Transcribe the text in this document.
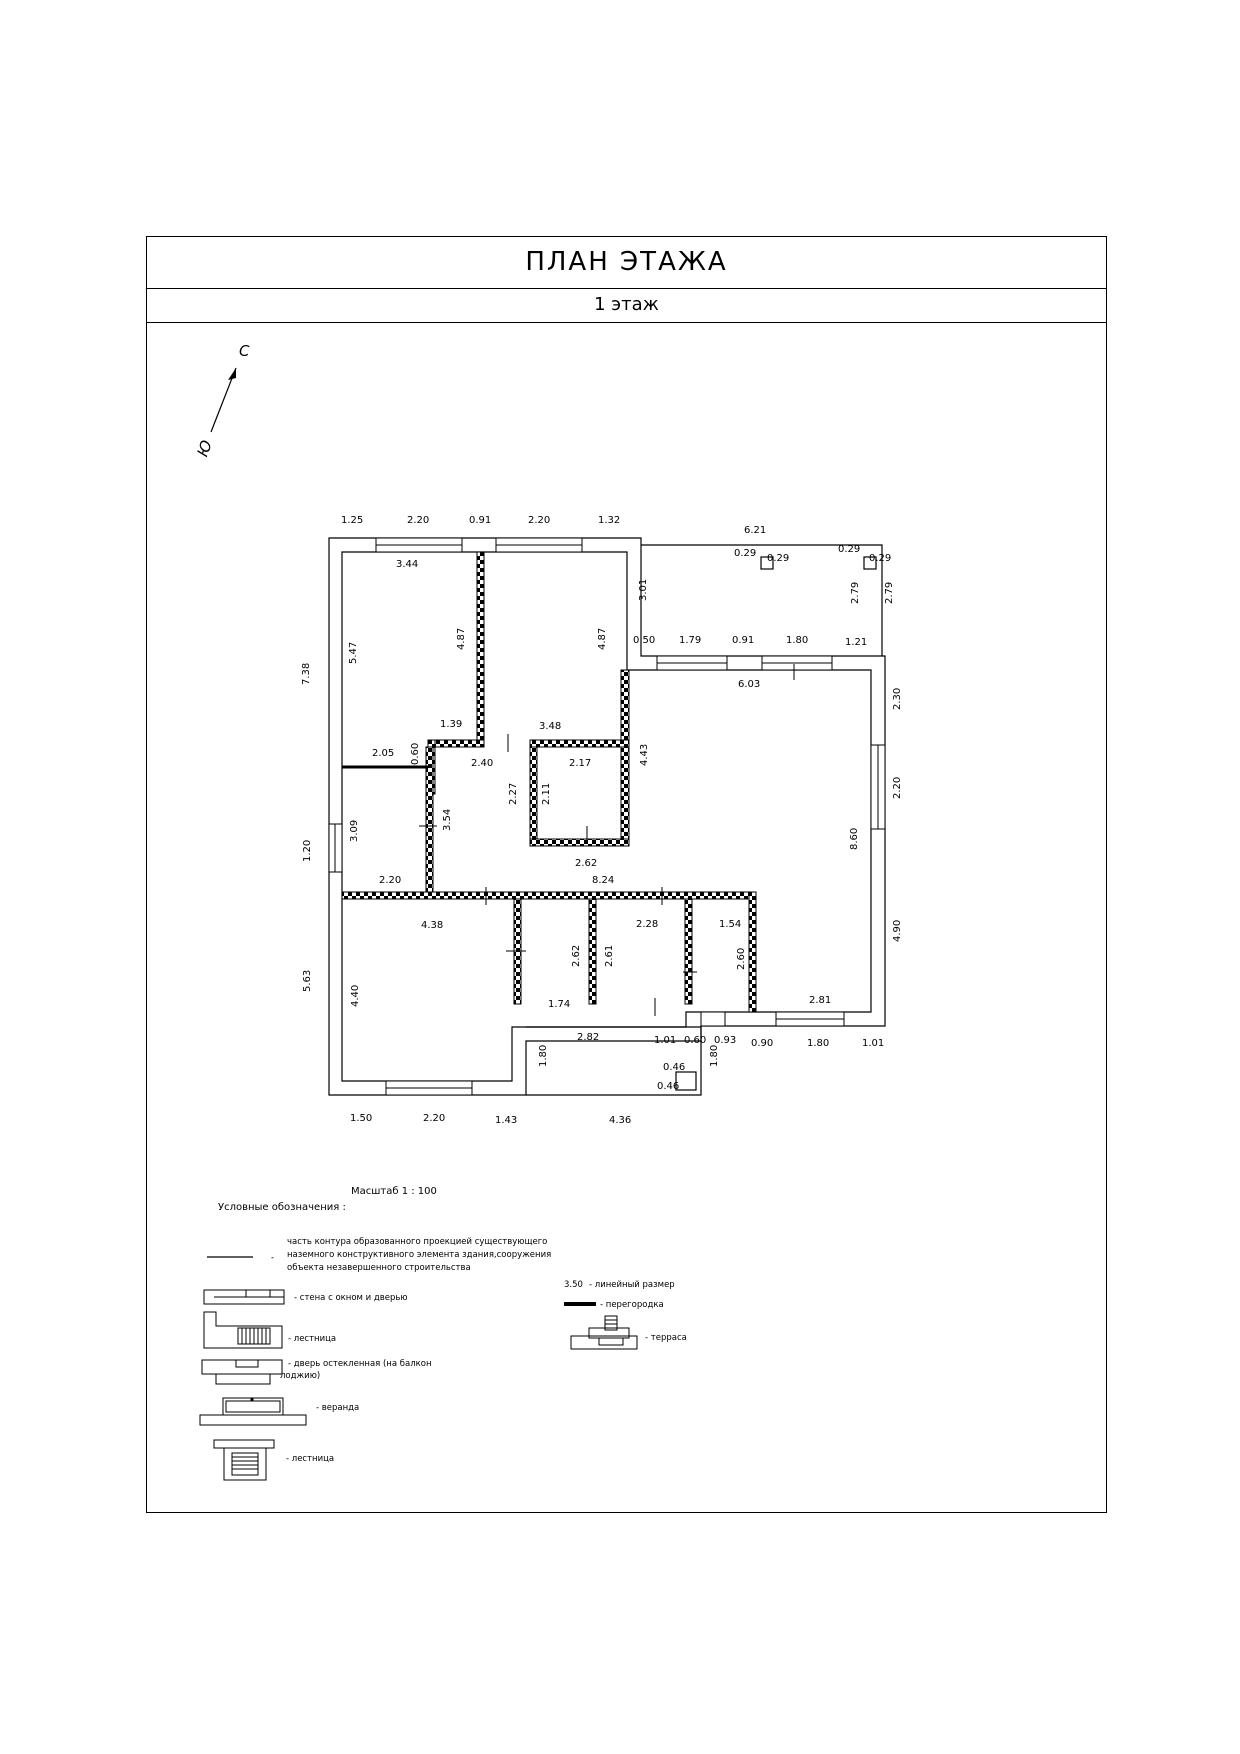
ПЛАН ЭТАЖА
1 этаж
С
Ю
1.25	2.20	0.91	2.20	1.32
6.21
0.29 0.29
0.29
0.29
3.44
3.01	2.79 2.79
7.38
5.47
4.87	4.87	0.50 1.79	0.91	1.80	1.21
6.03
2.30
1.39	3.48
4.43
2.05 0.60	2.40	2.17
2.27 2.11	2.20
3.09	3.54
1.20
8.60
2.62
2.20	8.24
4.38	2.28	1.54	4.90
5.63
4.40
2.62 2.61	2.60
1.74	2.81
2.82	1.01 0.60 0.93 0.90	1.80	1.01
1.80	1.80
0.46
0.46
1.50	2.20	1.43	4.36
Масштаб 1 : 100
Условные обозначения :
-
часть контура образованного проекцией существующего
наземного конструктивного элемента здания,сооружения
объекта незавершенного строительства
- стена с окном и дверью
- лестница
- дверь остекленная (на балкон
лоджию)
- веранда
- лестница
3.50 - линейный размер
- перегородка
- терраса
